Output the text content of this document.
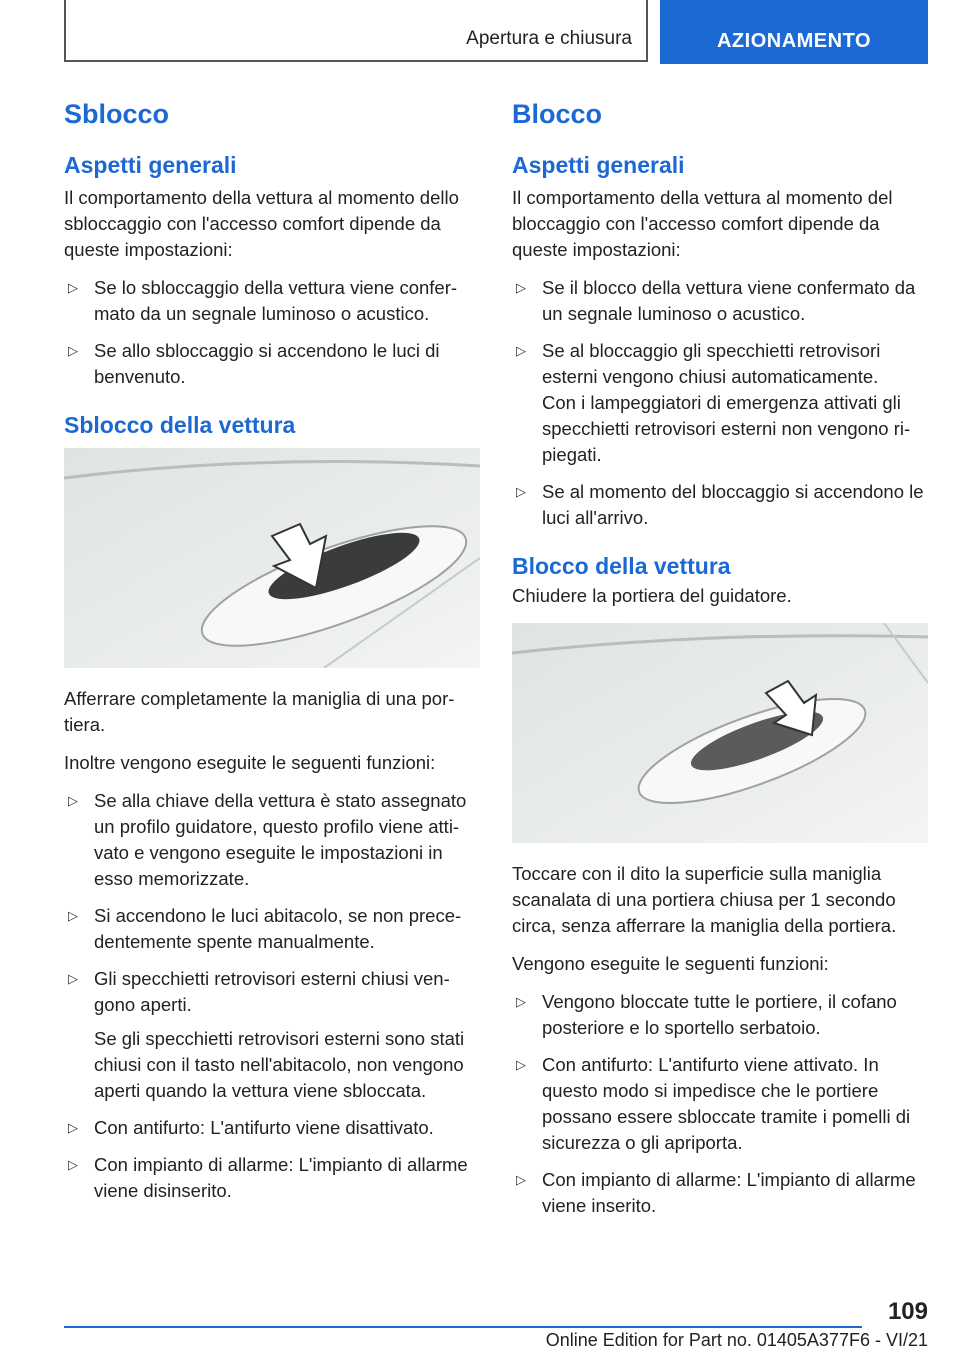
Apertura e chiusura	AZIONAMENTO
Sblocco
Aspetti generali

Il comportamento della vettura al momento dello sbloccaggio con l'accesso comfort dipende da queste impostazioni:

▷ Se lo sbloccaggio della vettura viene confer-mato da un segnale luminoso o acustico.
▷ Se allo sbloccaggio si accendono le luci di benvenuto.
Sblocco della vettura

Afferrare completamente la maniglia di una por-tiera.

Inoltre vengono eseguite le seguenti funzioni:

▷ Se alla chiave della vettura è stato assegnato un profilo guidatore, questo profilo viene atti-vato e vengono eseguite le impostazioni in esso memorizzate.
▷ Si accendono le luci abitacolo, se non prece-dentemente spente manualmente.
▷ Gli specchietti retrovisori esterni chiusi ven-gono aperti.
Se gli specchietti retrovisori esterni sono stati chiusi con il tasto nell'abitacolo, non vengono aperti quando la vettura viene sbloccata.
▷ Con antifurto: L'antifurto viene disattivato.
▷ Con impianto di allarme: L'impianto di allarme viene disinserito.
Blocco
Aspetti generali

Il comportamento della vettura al momento del bloccaggio con l'accesso comfort dipende da queste impostazioni:

▷ Se il blocco della vettura viene confermato da un segnale luminoso o acustico.
▷ Se al bloccaggio gli specchietti retrovisori esterni vengono chiusi automaticamente.
Con i lampeggiatori di emergenza attivati gli specchietti retrovisori esterni non vengono ri-piegati.
▷ Se al momento del bloccaggio si accendono le luci all'arrivo.
Blocco della vettura

Chiudere la portiera del guidatore.

Toccare con il dito la superficie sulla maniglia scanalata di una portiera chiusa per 1 secondo circa, senza afferrare la maniglia della portiera.

Vengono eseguite le seguenti funzioni:

▷ Vengono bloccate tutte le portiere, il cofano posteriore e lo sportello serbatoio.
▷ Con antifurto: L'antifurto viene attivato. In questo modo si impedisce che le portiere possano essere sbloccate tramite i pomelli di sicurezza o gli apriporta.
▷ Con impianto di allarme: L'impianto di allarme viene inserito.
109
Online Edition for Part no. 01405A377F6 - VI/21
